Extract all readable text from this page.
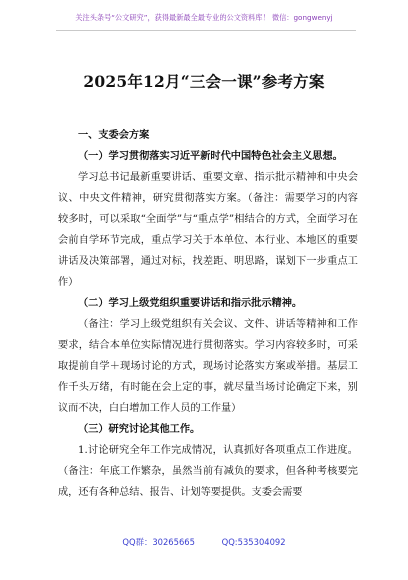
关注头条号“公文研究”，获得最新最全最专业的公文资料库！ 微信：gongwenyj
2025年12月“三会一课”参考方案

一、支委会方案

（一）学习贯彻落实习近平新时代中国特色社会主义思想。

学习总书记最新重要讲话、重要文章、指示批示精神和中央会议、中央文件精神，研究贯彻落实方案。（备注：需要学习的内容较多时，可以采取“全面学”与“重点学”相结合的方式，全面学习在会前自学环节完成，重点学习关于本单位、本行业、本地区的重要讲话及决策部署，通过对标，找差距、明思路，谋划下一步重点工作）

（二）学习上级党组织重要讲话和指示批示精神。

（备注：学习上级党组织有关会议、文件、讲话等精神和工作要求，结合本单位实际情况进行贯彻落实。学习内容较多时，可采取提前自学＋现场讨论的方式，现场讨论落实方案或举措。基层工作千头万绪，有时能在会上定的事，就尽量当场讨论确定下来，别议而不决，白白增加工作人员的工作量）

（三）研究讨论其他工作。

1.讨论研究全年工作完成情况，认真抓好各项重点工作进度。（备注：年底工作繁杂，虽然当前有减负的要求，但各种考核要完成，还有各种总结、报告、计划等要提供。支委会需要

QQ群：30265665	QQ:535304092
